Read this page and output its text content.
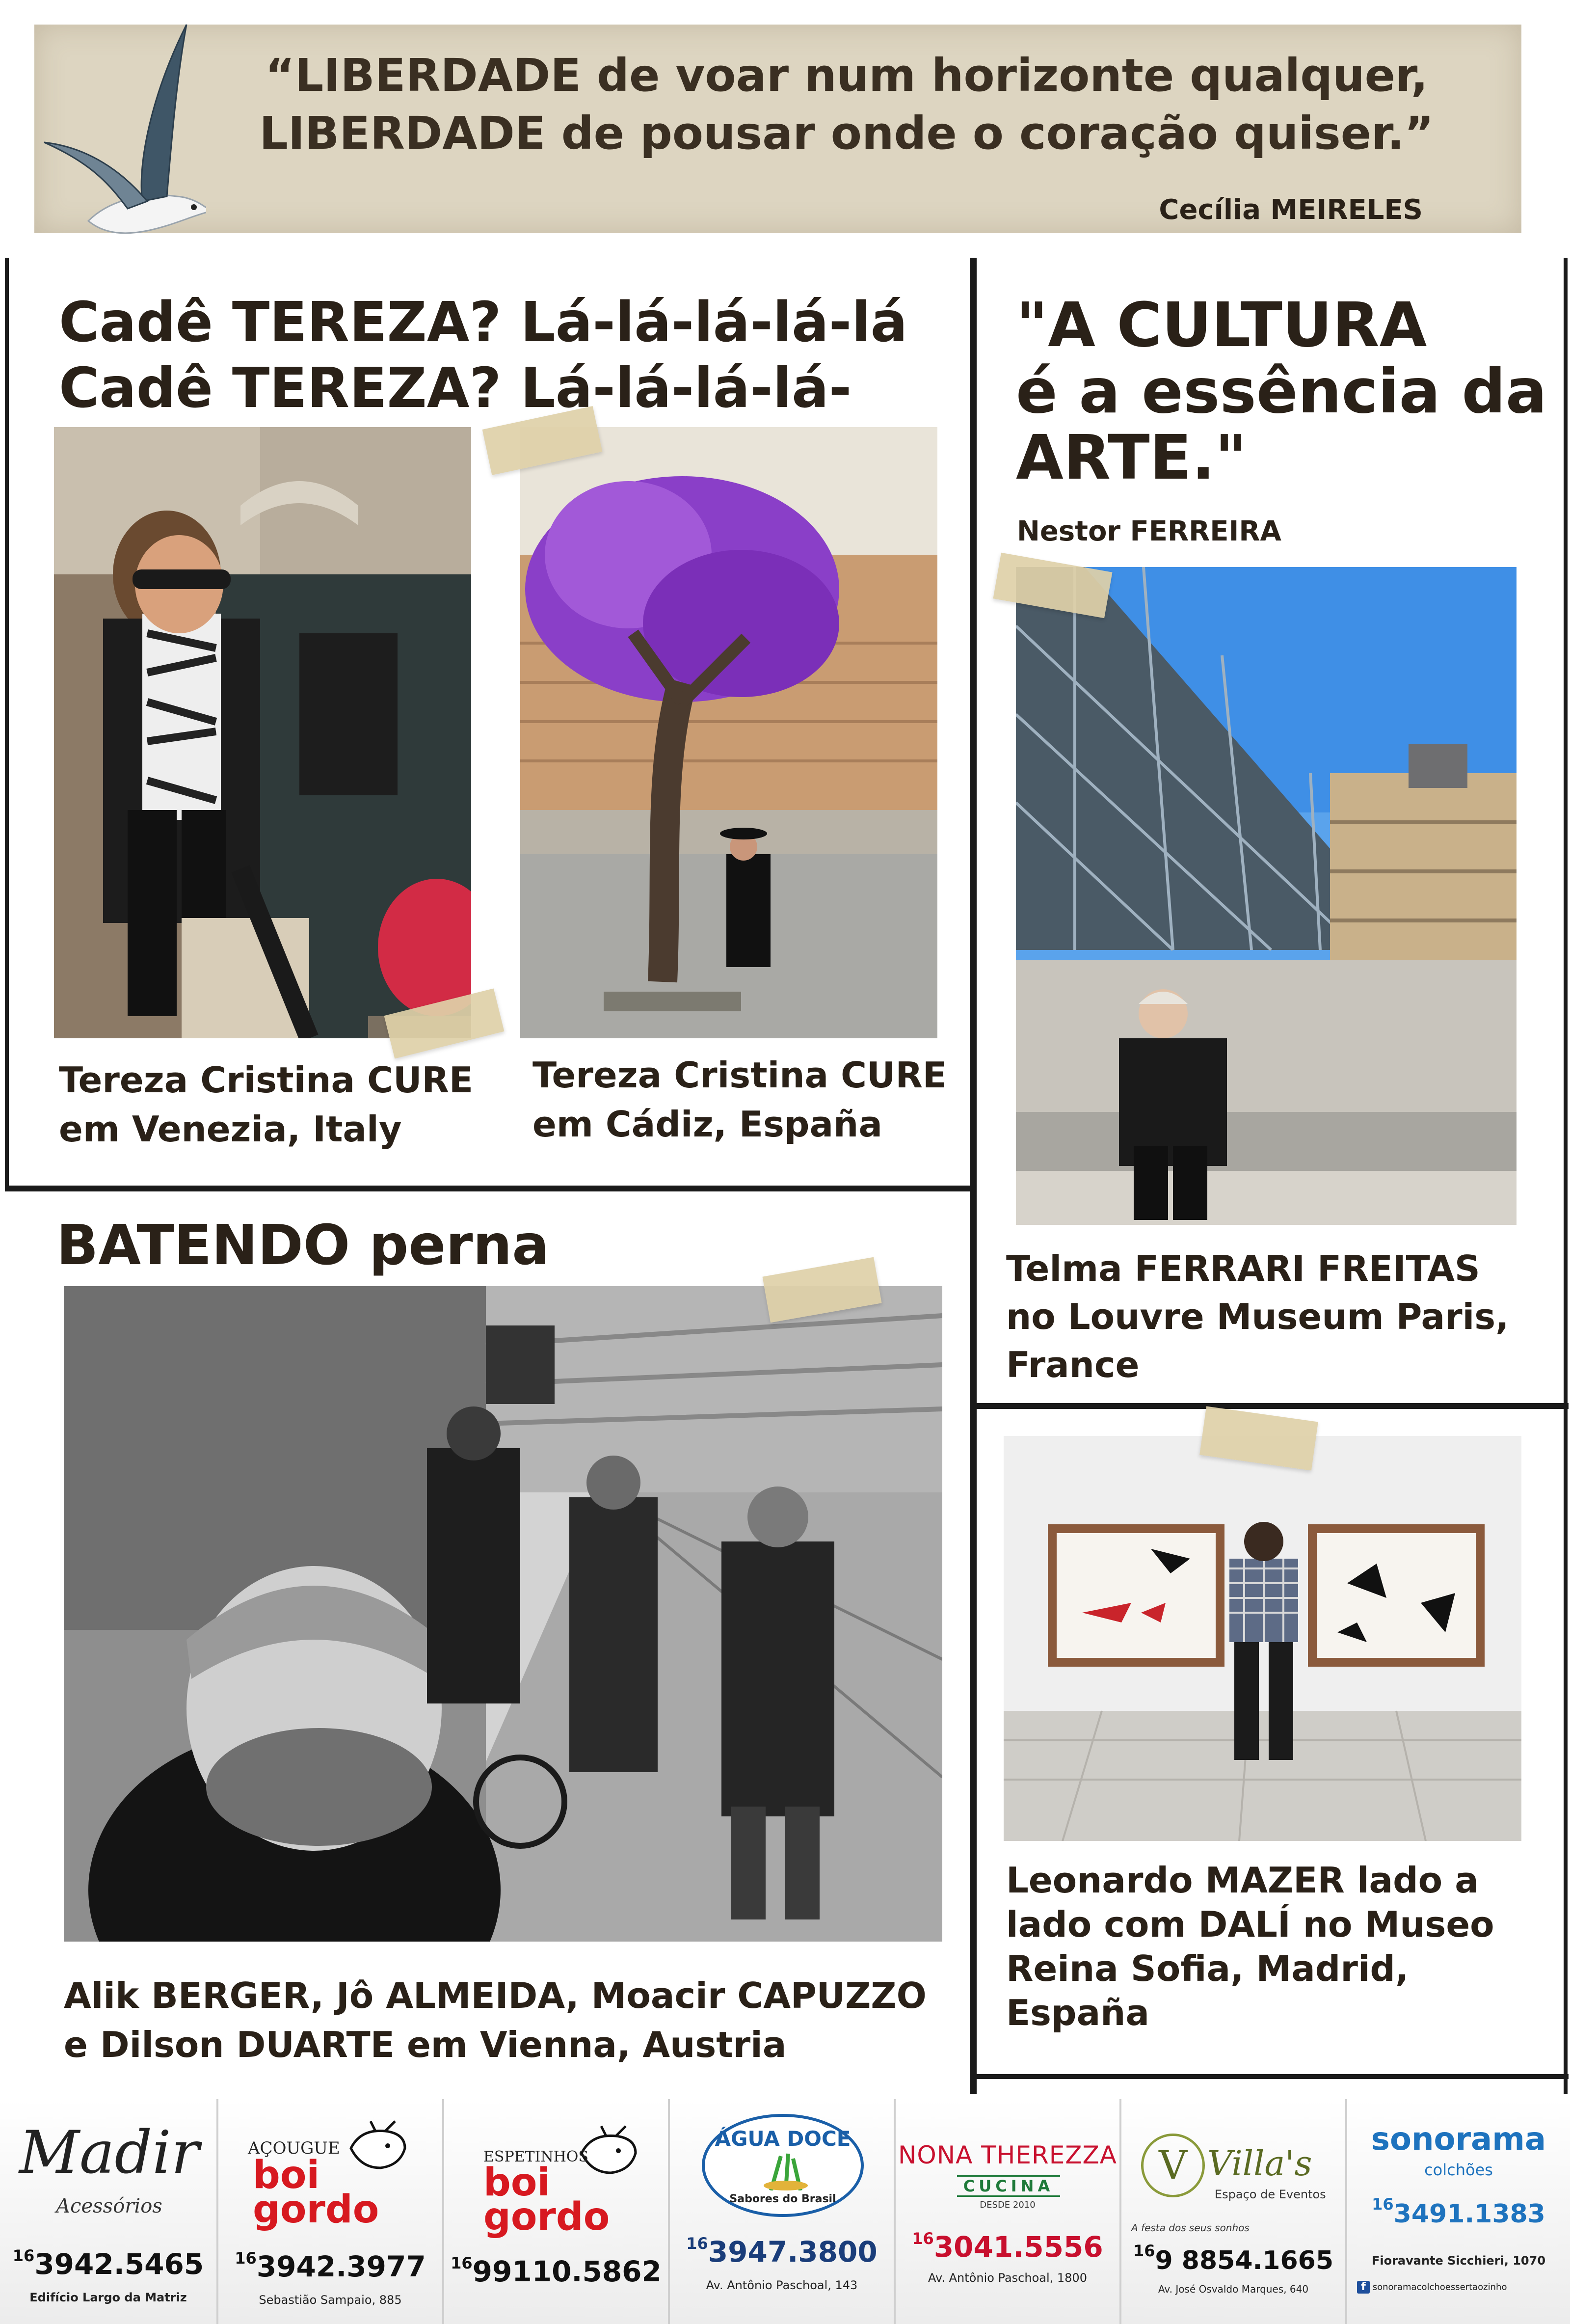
“LIBERDADE de voar num horizonte qualquer,
LIBERDADE de pousar onde o coração quiser.”
Cecília MEIRELES
Cadê TEREZA? Lá-lá-lá-lá-lá
Cadê TEREZA? Lá-lá-lá-lá-
Tereza Cristina CURE
em Venezia, Italy
Tereza Cristina CURE
em Cádiz, España
"A CULTURA
é a essência da
ARTE."
Nestor FERREIRA
Telma FERRARI FREITAS
no Louvre Museum Paris,
France
BATENDO perna
Alik BERGER, Jô ALMEIDA, Moacir CAPUZZO
e Dilson DUARTE em Vienna, Austria
Leonardo MAZER lado a
lado com DALÍ no Museo
Reina Sofia, Madrid,
España
Madir
Acessórios
$^{16}$3942.5465
Edifício Largo da Matriz
AÇOUGUE
boi
gordo
$^{16}$3942.3977
Sebastião Sampaio, 885
ESPETINHOS
boi
gordo
$^{16}$99110.5862
ÁGUA DOCE
Sabores do Brasil
$^{16}$3947.3800
Av. Antônio Paschoal, 143
NONA THEREZZA
CUCINA
DESDE 2010
$^{16}$3041.5556
Av. Antônio Paschoal, 1800
V Villa's
Espaço de Eventos
A festa dos seus sonhos
$^{16}$9 8854.1665
Av. José Osvaldo Marques, 640
sonorama
colchões
$^{16}$3491.1383
Fioravante Sicchieri, 1070
f sonoramacolchoessertaozinho
